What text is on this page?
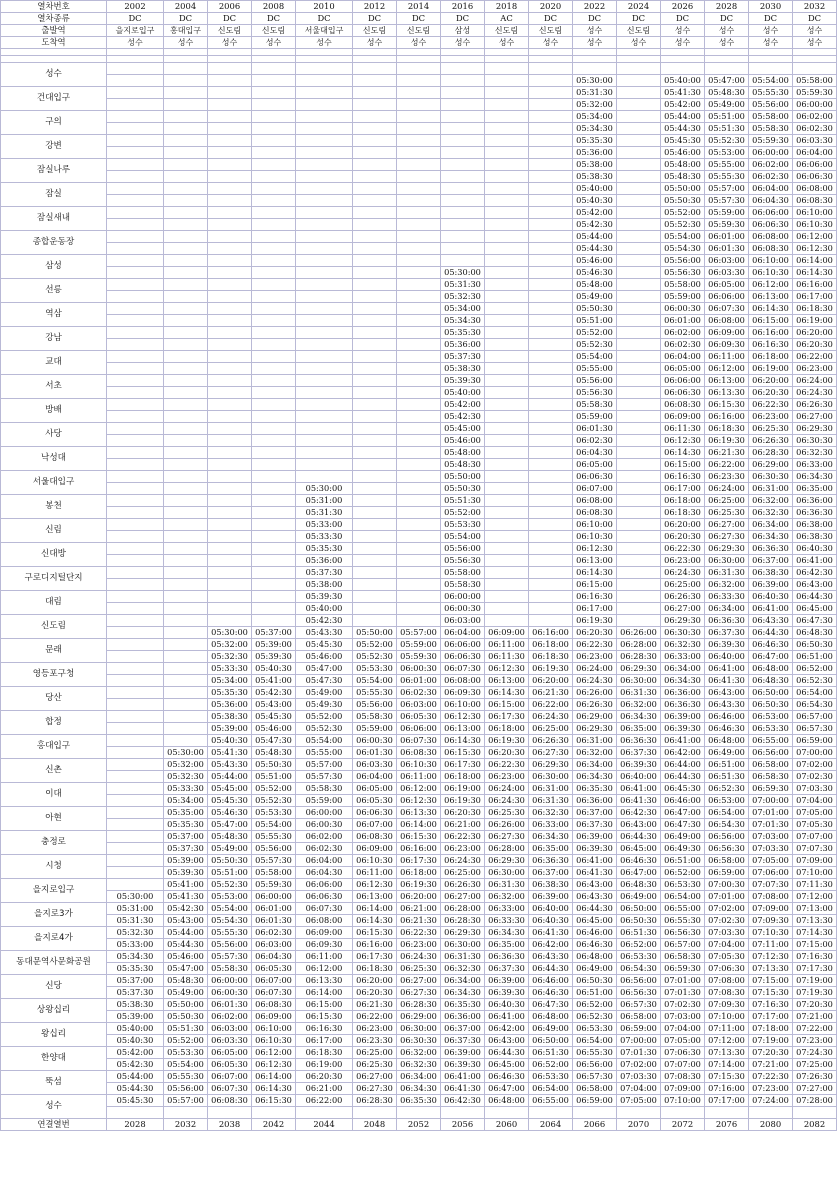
열차번호	2002	2004	2006	2008	2010	2012	2014	2016	2018	2020	2022	2024	2026	2028	2030	2032
열차종류	DC	DC	DC	DC	DC	DC	DC	DC	AC	DC	DC	DC	DC	DC	DC	DC
출발역	을지로입구	홍대입구	신도림	신도림	서울대입구	신도림	신도림	삼성	신도림	신도림	성수	신도림	성수	성수	성수	성수
도착역	성수	성수	성수	성수	성수	성수	성수	성수	성수	성수	성수	성수	성수	성수	성수	성수

성수																
											05:30:00		05:40:00	05:47:00	05:54:00	05:58:00
건대입구											05:31:30		05:41:30	05:48:30	05:55:30	05:59:30
											05:32:00		05:42:00	05:49:00	05:56:00	06:00:00
구의											05:34:00		05:44:00	05:51:00	05:58:00	06:02:00
											05:34:30		05:44:30	05:51:30	05:58:30	06:02:30
강변											05:35:30		05:45:30	05:52:30	05:59:30	06:03:30
											05:36:00		05:46:00	05:53:00	06:00:00	06:04:00
잠실나루											05:38:00		05:48:00	05:55:00	06:02:00	06:06:00
											05:38:30		05:48:30	05:55:30	06:02:30	06:06:30
잠실											05:40:00		05:50:00	05:57:00	06:04:00	06:08:00
											05:40:30		05:50:30	05:57:30	06:04:30	06:08:30
잠실새내											05:42:00		05:52:00	05:59:00	06:06:00	06:10:00
											05:42:30		05:52:30	05:59:30	06:06:30	06:10:30
종합운동장											05:44:00		05:54:00	06:01:00	06:08:00	06:12:00
											05:44:30		05:54:30	06:01:30	06:08:30	06:12:30
삼성											05:46:00		05:56:00	06:03:00	06:10:00	06:14:00
								05:30:00			05:46:30		05:56:30	06:03:30	06:10:30	06:14:30
선릉								05:31:30			05:48:00		05:58:00	06:05:00	06:12:00	06:16:00
								05:32:30			05:49:00		05:59:00	06:06:00	06:13:00	06:17:00
역삼								05:34:00			05:50:30		06:00:30	06:07:30	06:14:30	06:18:30
								05:34:30			05:51:00		06:01:00	06:08:00	06:15:00	06:19:00
강남								05:35:30			05:52:00		06:02:00	06:09:00	06:16:00	06:20:00
								05:36:00			05:52:30		06:02:30	06:09:30	06:16:30	06:20:30
교대								05:37:30			05:54:00		06:04:00	06:11:00	06:18:00	06:22:00
								05:38:30			05:55:00		06:05:00	06:12:00	06:19:00	06:23:00
서초								05:39:30			05:56:00		06:06:00	06:13:00	06:20:00	06:24:00
								05:40:00			05:56:30		06:06:30	06:13:30	06:20:30	06:24:30
방배								05:42:00			05:58:30		06:08:30	06:15:30	06:22:30	06:26:30
								05:42:30			05:59:00		06:09:00	06:16:00	06:23:00	06:27:00
사당								05:45:00			06:01:30		06:11:30	06:18:30	06:25:30	06:29:30
								05:46:00			06:02:30		06:12:30	06:19:30	06:26:30	06:30:30
낙성대								05:48:00			06:04:30		06:14:30	06:21:30	06:28:30	06:32:30
								05:48:30			06:05:00		06:15:00	06:22:00	06:29:00	06:33:00
서울대입구								05:50:00			06:06:30		06:16:30	06:23:30	06:30:30	06:34:30
					05:30:00			05:50:30			06:07:00		06:17:00	06:24:00	06:31:00	06:35:00
봉천					05:31:00			05:51:30			06:08:00		06:18:00	06:25:00	06:32:00	06:36:00
					05:31:30			05:52:00			06:08:30		06:18:30	06:25:30	06:32:30	06:36:30
신림					05:33:00			05:53:30			06:10:00		06:20:00	06:27:00	06:34:00	06:38:00
					05:33:30			05:54:00			06:10:30		06:20:30	06:27:30	06:34:30	06:38:30
신대방					05:35:30			05:56:00			06:12:30		06:22:30	06:29:30	06:36:30	06:40:30
					05:36:00			05:56:30			06:13:00		06:23:00	06:30:00	06:37:00	06:41:00
구로디지털단지					05:37:30			05:58:00			06:14:30		06:24:30	06:31:30	06:38:30	06:42:30
					05:38:00			05:58:30			06:15:00		06:25:00	06:32:00	06:39:00	06:43:00
대림					05:39:30			06:00:00			06:16:30		06:26:30	06:33:30	06:40:30	06:44:30
					05:40:00			06:00:30			06:17:00		06:27:00	06:34:00	06:41:00	06:45:00
신도림					05:42:30			06:03:00			06:19:30		06:29:30	06:36:30	06:43:30	06:47:30
			05:30:00	05:37:00	05:43:30	05:50:00	05:57:00	06:04:00	06:09:00	06:16:00	06:20:30	06:26:00	06:30:30	06:37:30	06:44:30	06:48:30
문래			05:32:00	05:39:00	05:45:30	05:52:00	05:59:00	06:06:00	06:11:00	06:18:00	06:22:30	06:28:00	06:32:30	06:39:30	06:46:30	06:50:30
			05:32:30	05:39:30	05:46:00	05:52:30	05:59:30	06:06:30	06:11:30	06:18:30	06:23:00	06:28:30	06:33:00	06:40:00	06:47:00	06:51:00
영등포구청			05:33:30	05:40:30	05:47:00	05:53:30	06:00:30	06:07:30	06:12:30	06:19:30	06:24:00	06:29:30	06:34:00	06:41:00	06:48:00	06:52:00
			05:34:00	05:41:00	05:47:30	05:54:00	06:01:00	06:08:00	06:13:00	06:20:00	06:24:30	06:30:00	06:34:30	06:41:30	06:48:30	06:52:30
당산			05:35:30	05:42:30	05:49:00	05:55:30	06:02:30	06:09:30	06:14:30	06:21:30	06:26:00	06:31:30	06:36:00	06:43:00	06:50:00	06:54:00
			05:36:00	05:43:00	05:49:30	05:56:00	06:03:00	06:10:00	06:15:00	06:22:00	06:26:30	06:32:00	06:36:30	06:43:30	06:50:30	06:54:30
합정			05:38:30	05:45:30	05:52:00	05:58:30	06:05:30	06:12:30	06:17:30	06:24:30	06:29:00	06:34:30	06:39:00	06:46:00	06:53:00	06:57:00
			05:39:00	05:46:00	05:52:30	05:59:00	06:06:00	06:13:00	06:18:00	06:25:00	06:29:30	06:35:00	06:39:30	06:46:30	06:53:30	06:57:30
홍대입구			05:40:30	05:47:30	05:54:00	06:00:30	06:07:30	06:14:30	06:19:30	06:26:30	06:31:00	06:36:30	06:41:00	06:48:00	06:55:00	06:59:00
		05:30:00	05:41:30	05:48:30	05:55:00	06:01:30	06:08:30	06:15:30	06:20:30	06:27:30	06:32:00	06:37:30	06:42:00	06:49:00	06:56:00	07:00:00
신촌		05:32:00	05:43:30	05:50:30	05:57:00	06:03:30	06:10:30	06:17:30	06:22:30	06:29:30	06:34:00	06:39:30	06:44:00	06:51:00	06:58:00	07:02:00
		05:32:30	05:44:00	05:51:00	05:57:30	06:04:00	06:11:00	06:18:00	06:23:00	06:30:00	06:34:30	06:40:00	06:44:30	06:51:30	06:58:30	07:02:30
이대		05:33:30	05:45:00	05:52:00	05:58:30	06:05:00	06:12:00	06:19:00	06:24:00	06:31:00	06:35:30	06:41:00	06:45:30	06:52:30	06:59:30	07:03:30
		05:34:00	05:45:30	05:52:30	05:59:00	06:05:30	06:12:30	06:19:30	06:24:30	06:31:30	06:36:00	06:41:30	06:46:00	06:53:00	07:00:00	07:04:00
아현		05:35:00	05:46:30	05:53:30	06:00:00	06:06:30	06:13:30	06:20:30	06:25:30	06:32:30	06:37:00	06:42:30	06:47:00	06:54:00	07:01:00	07:05:00
		05:35:30	05:47:00	05:54:00	06:00:30	06:07:00	06:14:00	06:21:00	06:26:00	06:33:00	06:37:30	06:43:00	06:47:30	06:54:30	07:01:30	07:05:30
충정로		05:37:00	05:48:30	05:55:30	06:02:00	06:08:30	06:15:30	06:22:30	06:27:30	06:34:30	06:39:00	06:44:30	06:49:00	06:56:00	07:03:00	07:07:00
		05:37:30	05:49:00	05:56:00	06:02:30	06:09:00	06:16:00	06:23:00	06:28:00	06:35:00	06:39:30	06:45:00	06:49:30	06:56:30	07:03:30	07:07:30
시청		05:39:00	05:50:30	05:57:30	06:04:00	06:10:30	06:17:30	06:24:30	06:29:30	06:36:30	06:41:00	06:46:30	06:51:00	06:58:00	07:05:00	07:09:00
		05:39:30	05:51:00	05:58:00	06:04:30	06:11:00	06:18:00	06:25:00	06:30:00	06:37:00	06:41:30	06:47:00	06:52:00	06:59:00	07:06:00	07:10:00
을지로입구		05:41:00	05:52:30	05:59:30	06:06:00	06:12:30	06:19:30	06:26:30	06:31:30	06:38:30	06:43:00	06:48:30	06:53:30	07:00:30	07:07:30	07:11:30
	05:30:00	05:41:30	05:53:00	06:00:00	06:06:30	06:13:00	06:20:00	06:27:00	06:32:00	06:39:00	06:43:30	06:49:00	06:54:00	07:01:00	07:08:00	07:12:00
을지로3가	05:31:00	05:42:30	05:54:00	06:01:00	06:07:30	06:14:00	06:21:00	06:28:00	06:33:00	06:40:00	06:44:30	06:50:00	06:55:00	07:02:00	07:09:00	07:13:00
	05:31:30	05:43:00	05:54:30	06:01:30	06:08:00	06:14:30	06:21:30	06:28:30	06:33:30	06:40:30	06:45:00	06:50:30	06:55:30	07:02:30	07:09:30	07:13:30
을지로4가	05:32:30	05:44:00	05:55:30	06:02:30	06:09:00	06:15:30	06:22:30	06:29:30	06:34:30	06:41:30	06:46:00	06:51:30	06:56:30	07:03:30	07:10:30	07:14:30
	05:33:00	05:44:30	05:56:00	06:03:00	06:09:30	06:16:00	06:23:00	06:30:00	06:35:00	06:42:00	06:46:30	06:52:00	06:57:00	07:04:00	07:11:00	07:15:00
동대문역사문화공원	05:34:30	05:46:00	05:57:30	06:04:30	06:11:00	06:17:30	06:24:30	06:31:30	06:36:30	06:43:30	06:48:00	06:53:30	06:58:30	07:05:30	07:12:30	07:16:30
	05:35:30	05:47:00	05:58:30	06:05:30	06:12:00	06:18:30	06:25:30	06:32:30	06:37:30	06:44:30	06:49:00	06:54:30	06:59:30	07:06:30	07:13:30	07:17:30
신당	05:37:00	05:48:30	06:00:00	06:07:00	06:13:30	06:20:00	06:27:00	06:34:00	06:39:00	06:46:00	06:50:30	06:56:00	07:01:00	07:08:00	07:15:00	07:19:00
	05:37:30	05:49:00	06:00:30	06:07:30	06:14:00	06:20:30	06:27:30	06:34:30	06:39:30	06:46:30	06:51:00	06:56:30	07:01:30	07:08:30	07:15:30	07:19:30
상왕십리	05:38:30	05:50:00	06:01:30	06:08:30	06:15:00	06:21:30	06:28:30	06:35:30	06:40:30	06:47:30	06:52:00	06:57:30	07:02:30	07:09:30	07:16:30	07:20:30
	05:39:00	05:50:30	06:02:00	06:09:00	06:15:30	06:22:00	06:29:00	06:36:00	06:41:00	06:48:00	06:52:30	06:58:00	07:03:00	07:10:00	07:17:00	07:21:00
왕십리	05:40:00	05:51:30	06:03:00	06:10:00	06:16:30	06:23:00	06:30:00	06:37:00	06:42:00	06:49:00	06:53:30	06:59:00	07:04:00	07:11:00	07:18:00	07:22:00
	05:40:30	05:52:00	06:03:30	06:10:30	06:17:00	06:23:30	06:30:30	06:37:30	06:43:00	06:50:00	06:54:00	07:00:00	07:05:00	07:12:00	07:19:00	07:23:00
한양대	05:42:00	05:53:30	06:05:00	06:12:00	06:18:30	06:25:00	06:32:00	06:39:00	06:44:30	06:51:30	06:55:30	07:01:30	07:06:30	07:13:30	07:20:30	07:24:30
	05:42:30	05:54:00	06:05:30	06:12:30	06:19:00	06:25:30	06:32:30	06:39:30	06:45:00	06:52:00	06:56:00	07:02:00	07:07:00	07:14:00	07:21:00	07:25:00
뚝섬	05:44:00	05:55:30	06:07:00	06:14:00	06:20:30	06:27:00	06:34:00	06:41:00	06:46:30	06:53:30	06:57:30	07:03:30	07:08:30	07:15:30	07:22:30	07:26:30
	05:44:30	05:56:00	06:07:30	06:14:30	06:21:00	06:27:30	06:34:30	06:41:30	06:47:00	06:54:00	06:58:00	07:04:00	07:09:00	07:16:00	07:23:00	07:27:00
성수	05:45:30	05:57:00	06:08:30	06:15:30	06:22:00	06:28:30	06:35:30	06:42:30	06:48:00	06:55:00	06:59:00	07:05:00	07:10:00	07:17:00	07:24:00	07:28:00

연결열번	2028	2032	2038	2042	2044	2048	2052	2056	2060	2064	2066	2070	2072	2076	2080	2082
